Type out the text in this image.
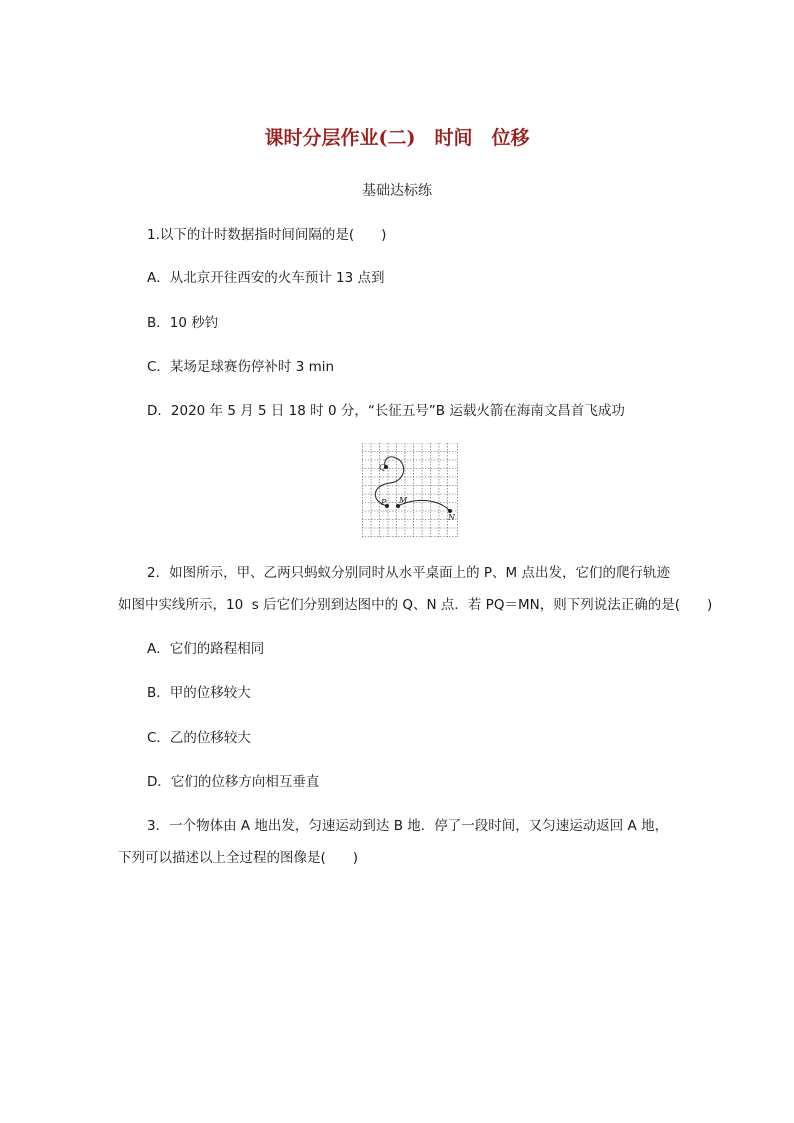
课时分层作业(二)　时间　位移
基础达标练
1.以下的计时数据指时间间隔的是(　　)
A．从北京开往西安的火车预计 13 点到
B．10 秒钓
C．某场足球赛伤停补时 3 min
D．2020 年 5 月 5 日 18 时 0 分，“长征五号”B 运载火箭在海南文昌首飞成功
Q
P M
N
2．如图所示，甲、乙两只蚂蚁分别同时从水平桌面上的 P、M 点出发，它们的爬行轨迹
如图中实线所示，10  s 后它们分别到达图中的 Q、N 点．若 PQ＝MN，则下列说法正确的是(　　)
A．它们的路程相同
B．甲的位移较大
C．乙的位移较大
D．它们的位移方向相互垂直
3．一个物体由 A 地出发，匀速运动到达 B 地．停了一段时间，又匀速运动返回 A 地，
下列可以描述以上全过程的图像是(　　)
